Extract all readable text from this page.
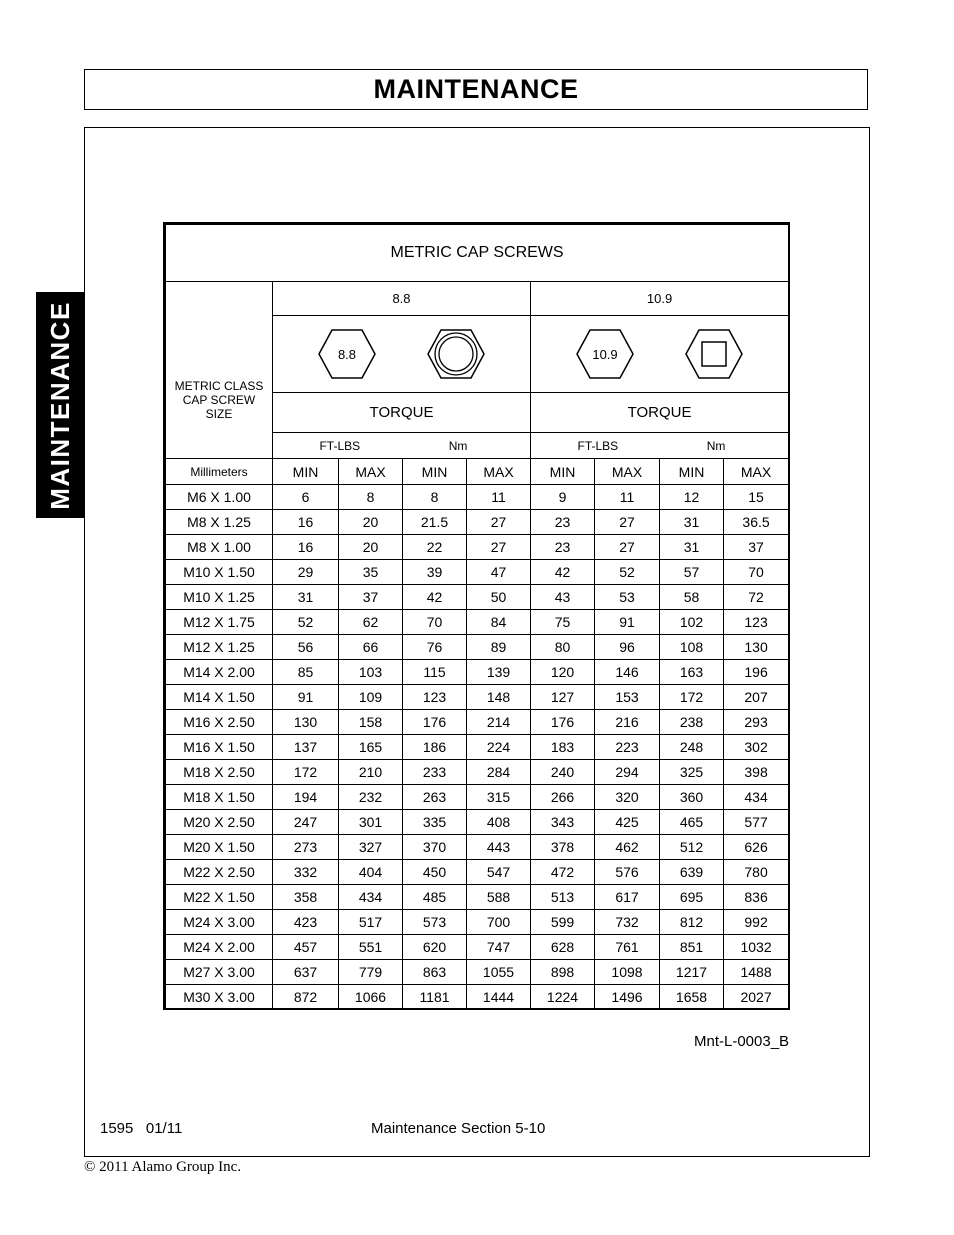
MAINTENANCE
MAINTENANCE
METRIC CAP SCREWS								

METRIC CLASS CAP SCREW SIZE	8.8				10.9			

8.8				10.9			

	TORQUE				TORQUE			
	FT-LBS Nm				FT-LBS Nm			
Millimeters	MIN	MAX	MIN	MAX	MIN	MAX	MIN	MAX
M6 X 1.00	6	8	8	11	9	11	12	15
M8 X 1.25	16	20	21.5	27	23	27	31	36.5
M8 X 1.00	16	20	22	27	23	27	31	37
M10 X 1.50	29	35	39	47	42	52	57	70
M10 X 1.25	31	37	42	50	43	53	58	72
M12 X 1.75	52	62	70	84	75	91	102	123
M12 X 1.25	56	66	76	89	80	96	108	130
M14 X 2.00	85	103	115	139	120	146	163	196
M14 X 1.50	91	109	123	148	127	153	172	207
M16 X 2.50	130	158	176	214	176	216	238	293
M16 X 1.50	137	165	186	224	183	223	248	302
M18 X 2.50	172	210	233	284	240	294	325	398
M18 X 1.50	194	232	263	315	266	320	360	434
M20 X 2.50	247	301	335	408	343	425	465	577
M20 X 1.50	273	327	370	443	378	462	512	626
M22 X 2.50	332	404	450	547	472	576	639	780
M22 X 1.50	358	434	485	588	513	617	695	836
M24 X 3.00	423	517	573	700	599	732	812	992
M24 X 2.00	457	551	620	747	628	761	851	1032
M27 X 3.00	637	779	863	1055	898	1098	1217	1488
M30 X 3.00	872	1066	1181	1444	1224	1496	1658	2027
Mnt-L-0003_B
1595   01/11	Maintenance Section 5-10
© 2011 Alamo Group Inc.
